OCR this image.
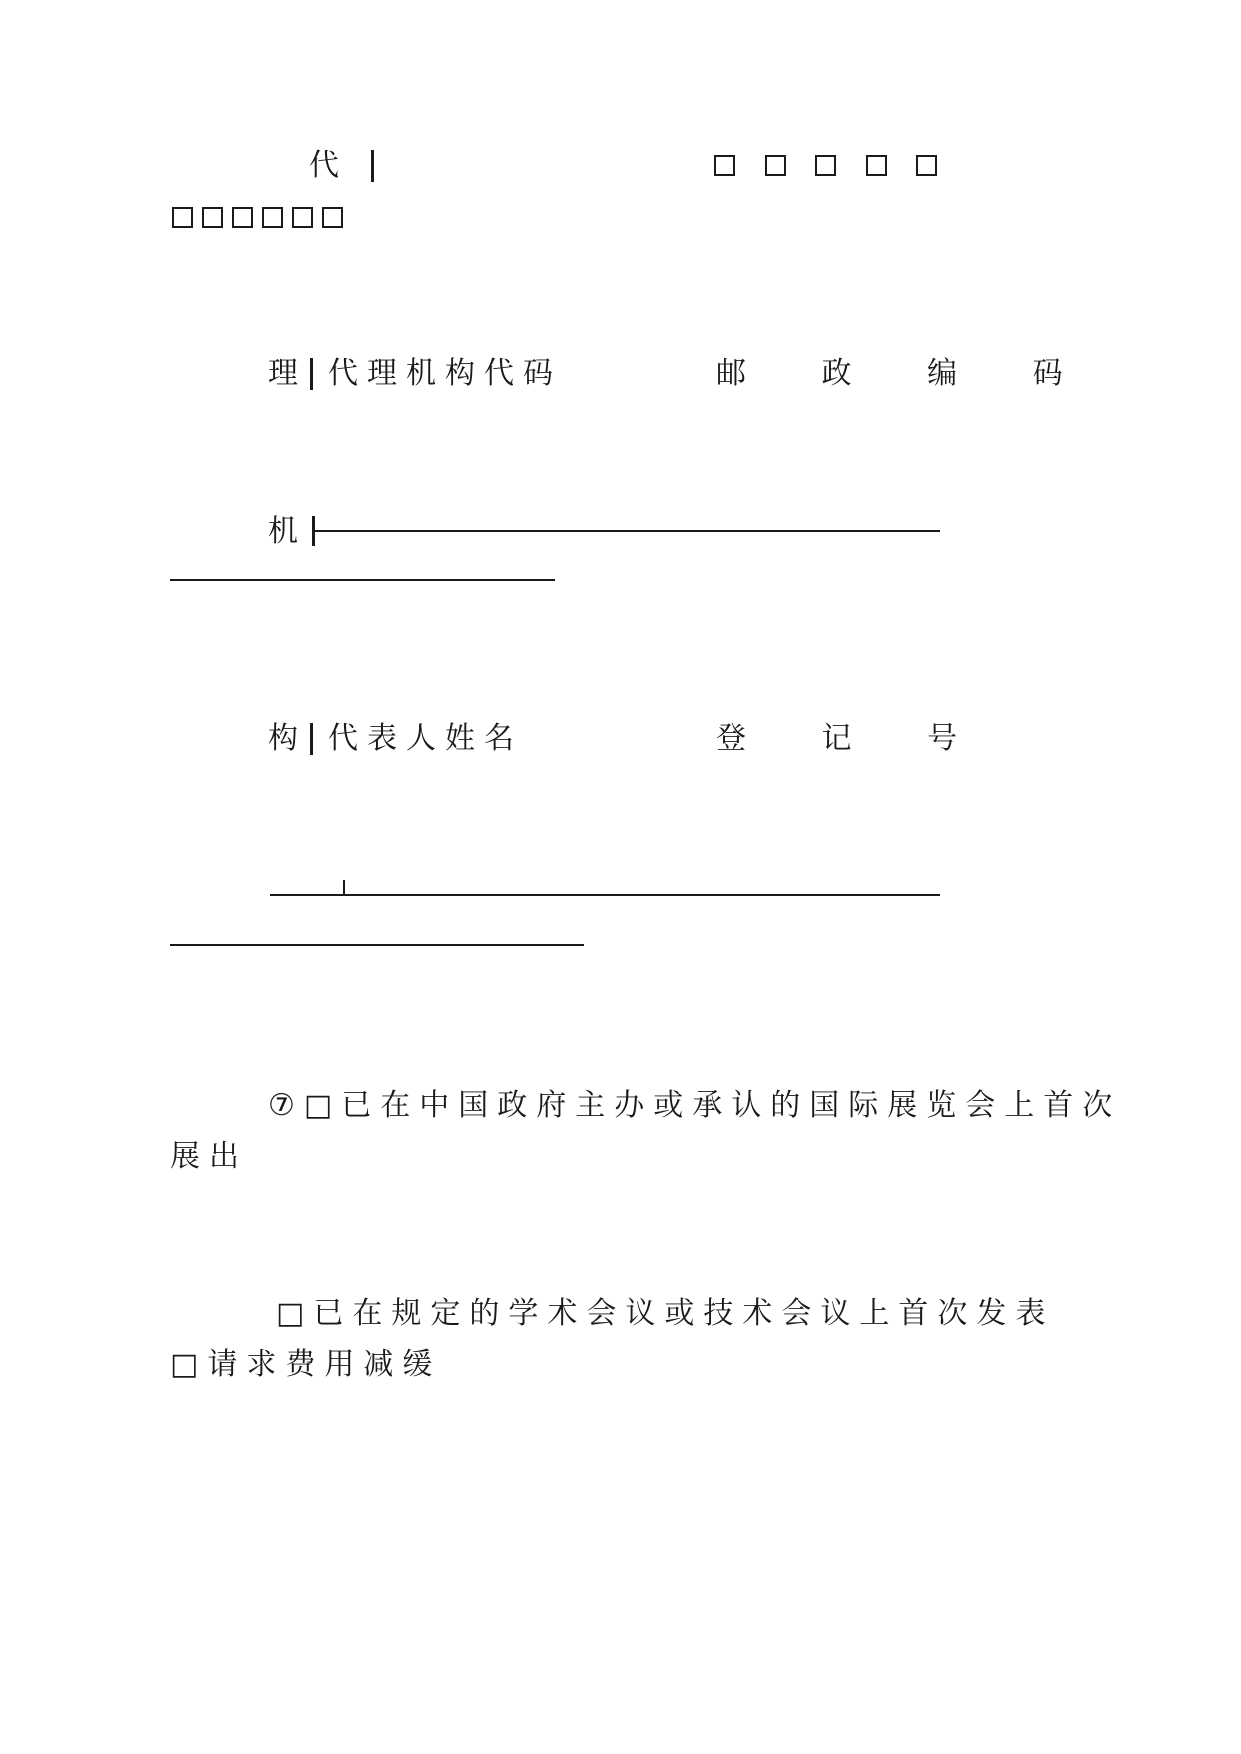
代
理 代理机构代码	邮 政 编 码
机
构 代表人姓名	登 记 号
⑦□已在中国政府主办或承认的国际展览会上首次
展出
□已在规定的学术会议或技术会议上首次发表
□请求费用减缓
